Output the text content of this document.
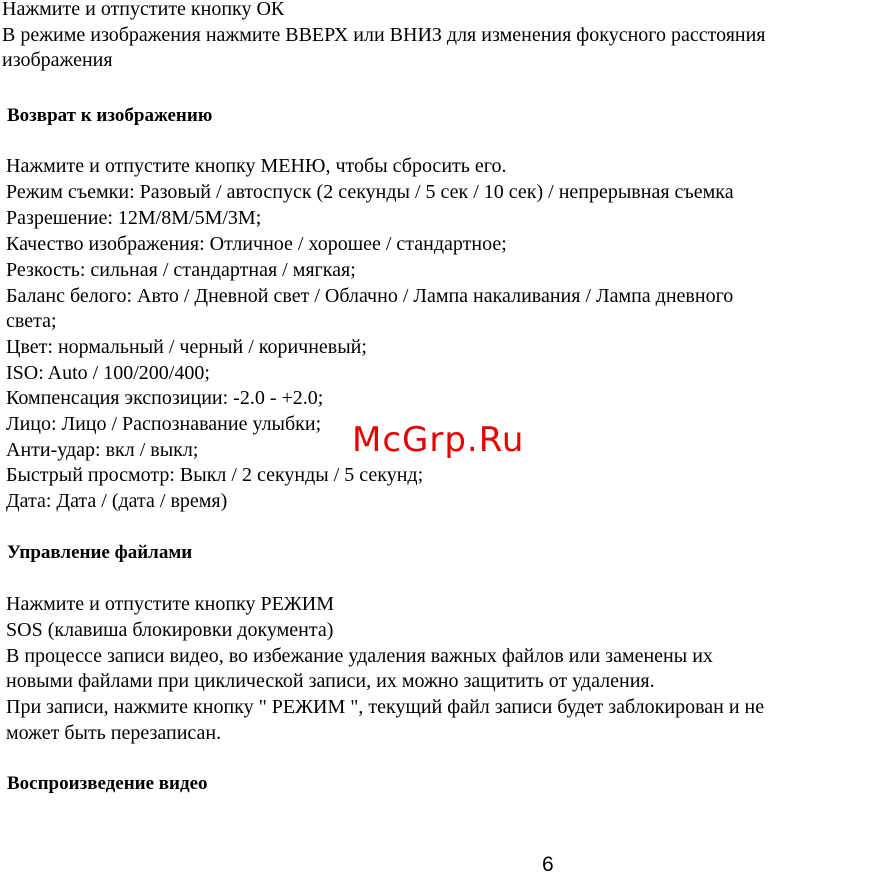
Нажмите и отпустите кнопку ОК
В режиме изображения нажмите ВВЕРХ или ВНИЗ для изменения фокусного расстояния
изображения
Возврат к изображению
Нажмите и отпустите кнопку МЕНЮ, чтобы сбросить его.
Режим съемки: Разовый / автоспуск (2 секунды / 5 сек / 10 сек) / непрерывная съемка
Разрешение: 12M/8M/5M/3M;
Качество изображения: Отличное / хорошее / стандартное;
Резкость: сильная / стандартная / мягкая;
Баланс белого: Авто / Дневной свет / Облачно / Лампа накаливания / Лампа дневного
света;
Цвет: нормальный / черный / коричневый;
ISO: Auto / 100/200/400;
Компенсация экспозиции: -2.0 - +2.0;
Лицо: Лицо / Распознавание улыбки;
Анти-удар: вкл / выкл;
Быстрый просмотр: Выкл / 2 секунды / 5 секунд;
Дата: Дата / (дата / время)
Управление файлами
Нажмите и отпустите кнопку РЕЖИМ
SOS (клавиша блокировки документа)
В процессе записи видео, во избежание удаления важных файлов или заменены их
новыми файлами при циклической записи, их можно защитить от удаления.
При записи, нажмите кнопку " РЕЖИМ ", текущий файл записи будет заблокирован и не
может быть перезаписан.
Воспроизведение видео
McGrp.Ru
6
